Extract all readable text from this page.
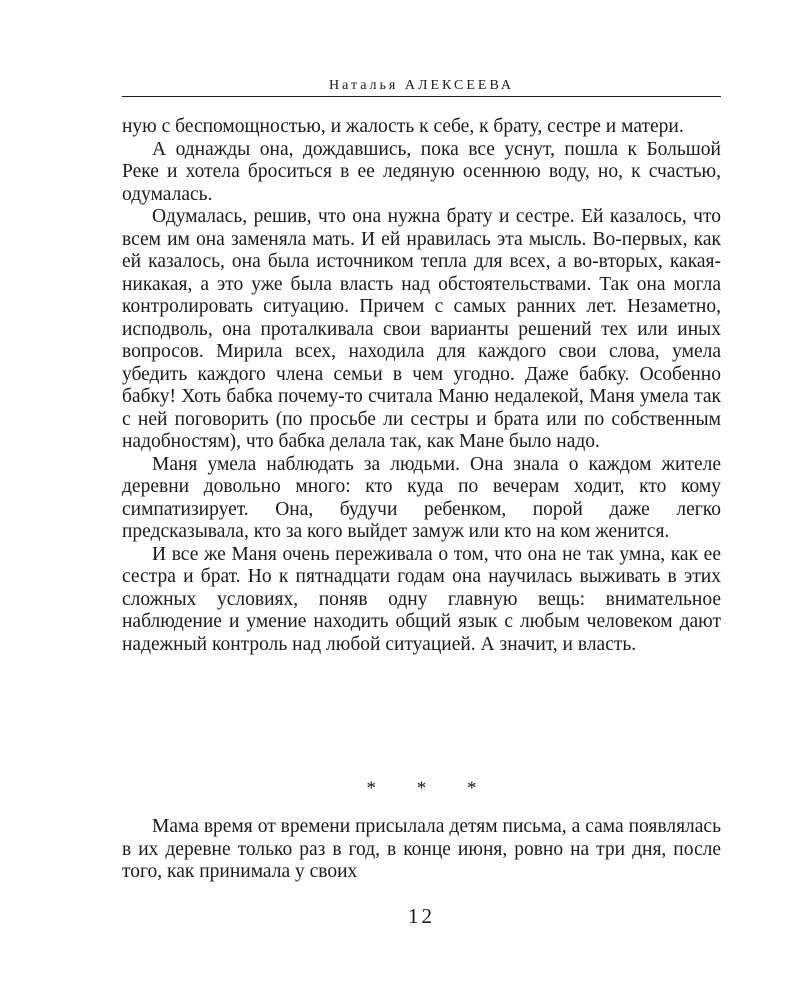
Наталья АЛЕКСЕЕВА

ную с беспомощностью, и жалость к себе, к брату, сестре и матери.

А однажды она, дождавшись, пока все уснут, пошла к Большой Реке и хотела броситься в ее ледяную осеннюю воду, но, к счастью, одумалась.

Одумалась, решив, что она нужна брату и сестре. Ей казалось, что всем им она заменяла мать. И ей нравилась эта мысль. Во-первых, как ей казалось, она была источником тепла для всех, а во-вторых, какая-никакая, а это уже была власть над обстоятельствами. Так она могла контролировать ситуацию. Причем с самых ранних лет. Незаметно, исподволь, она проталкивала свои варианты решений тех или иных вопросов. Мирила всех, находила для каждого свои слова, умела убедить каждого члена семьи в чем угодно. Даже бабку. Особенно бабку! Хоть бабка почему-то считала Маню недалекой, Маня умела так с ней поговорить (по просьбе ли сестры и брата или по собственным надобностям), что бабка делала так, как Мане было надо.

Маня умела наблюдать за людьми. Она знала о каждом жителе деревни довольно много: кто куда по вечерам ходит, кто кому симпатизирует. Она, будучи ребенком, порой даже легко предсказывала, кто за кого выйдет замуж или кто на ком женится.

И все же Маня очень переживала о том, что она не так умна, как ее сестра и брат. Но к пятнадцати годам она научилась выживать в этих сложных условиях, поняв одну главную вещь: внимательное наблюдение и умение находить общий язык с любым человеком дают надежный контроль над любой ситуацией. А значит, и власть.

* * *

Мама время от времени присылала детям письма, а сама появлялась в их деревне только раз в год, в конце июня, ровно на три дня, после того, как принимала у своих

12
